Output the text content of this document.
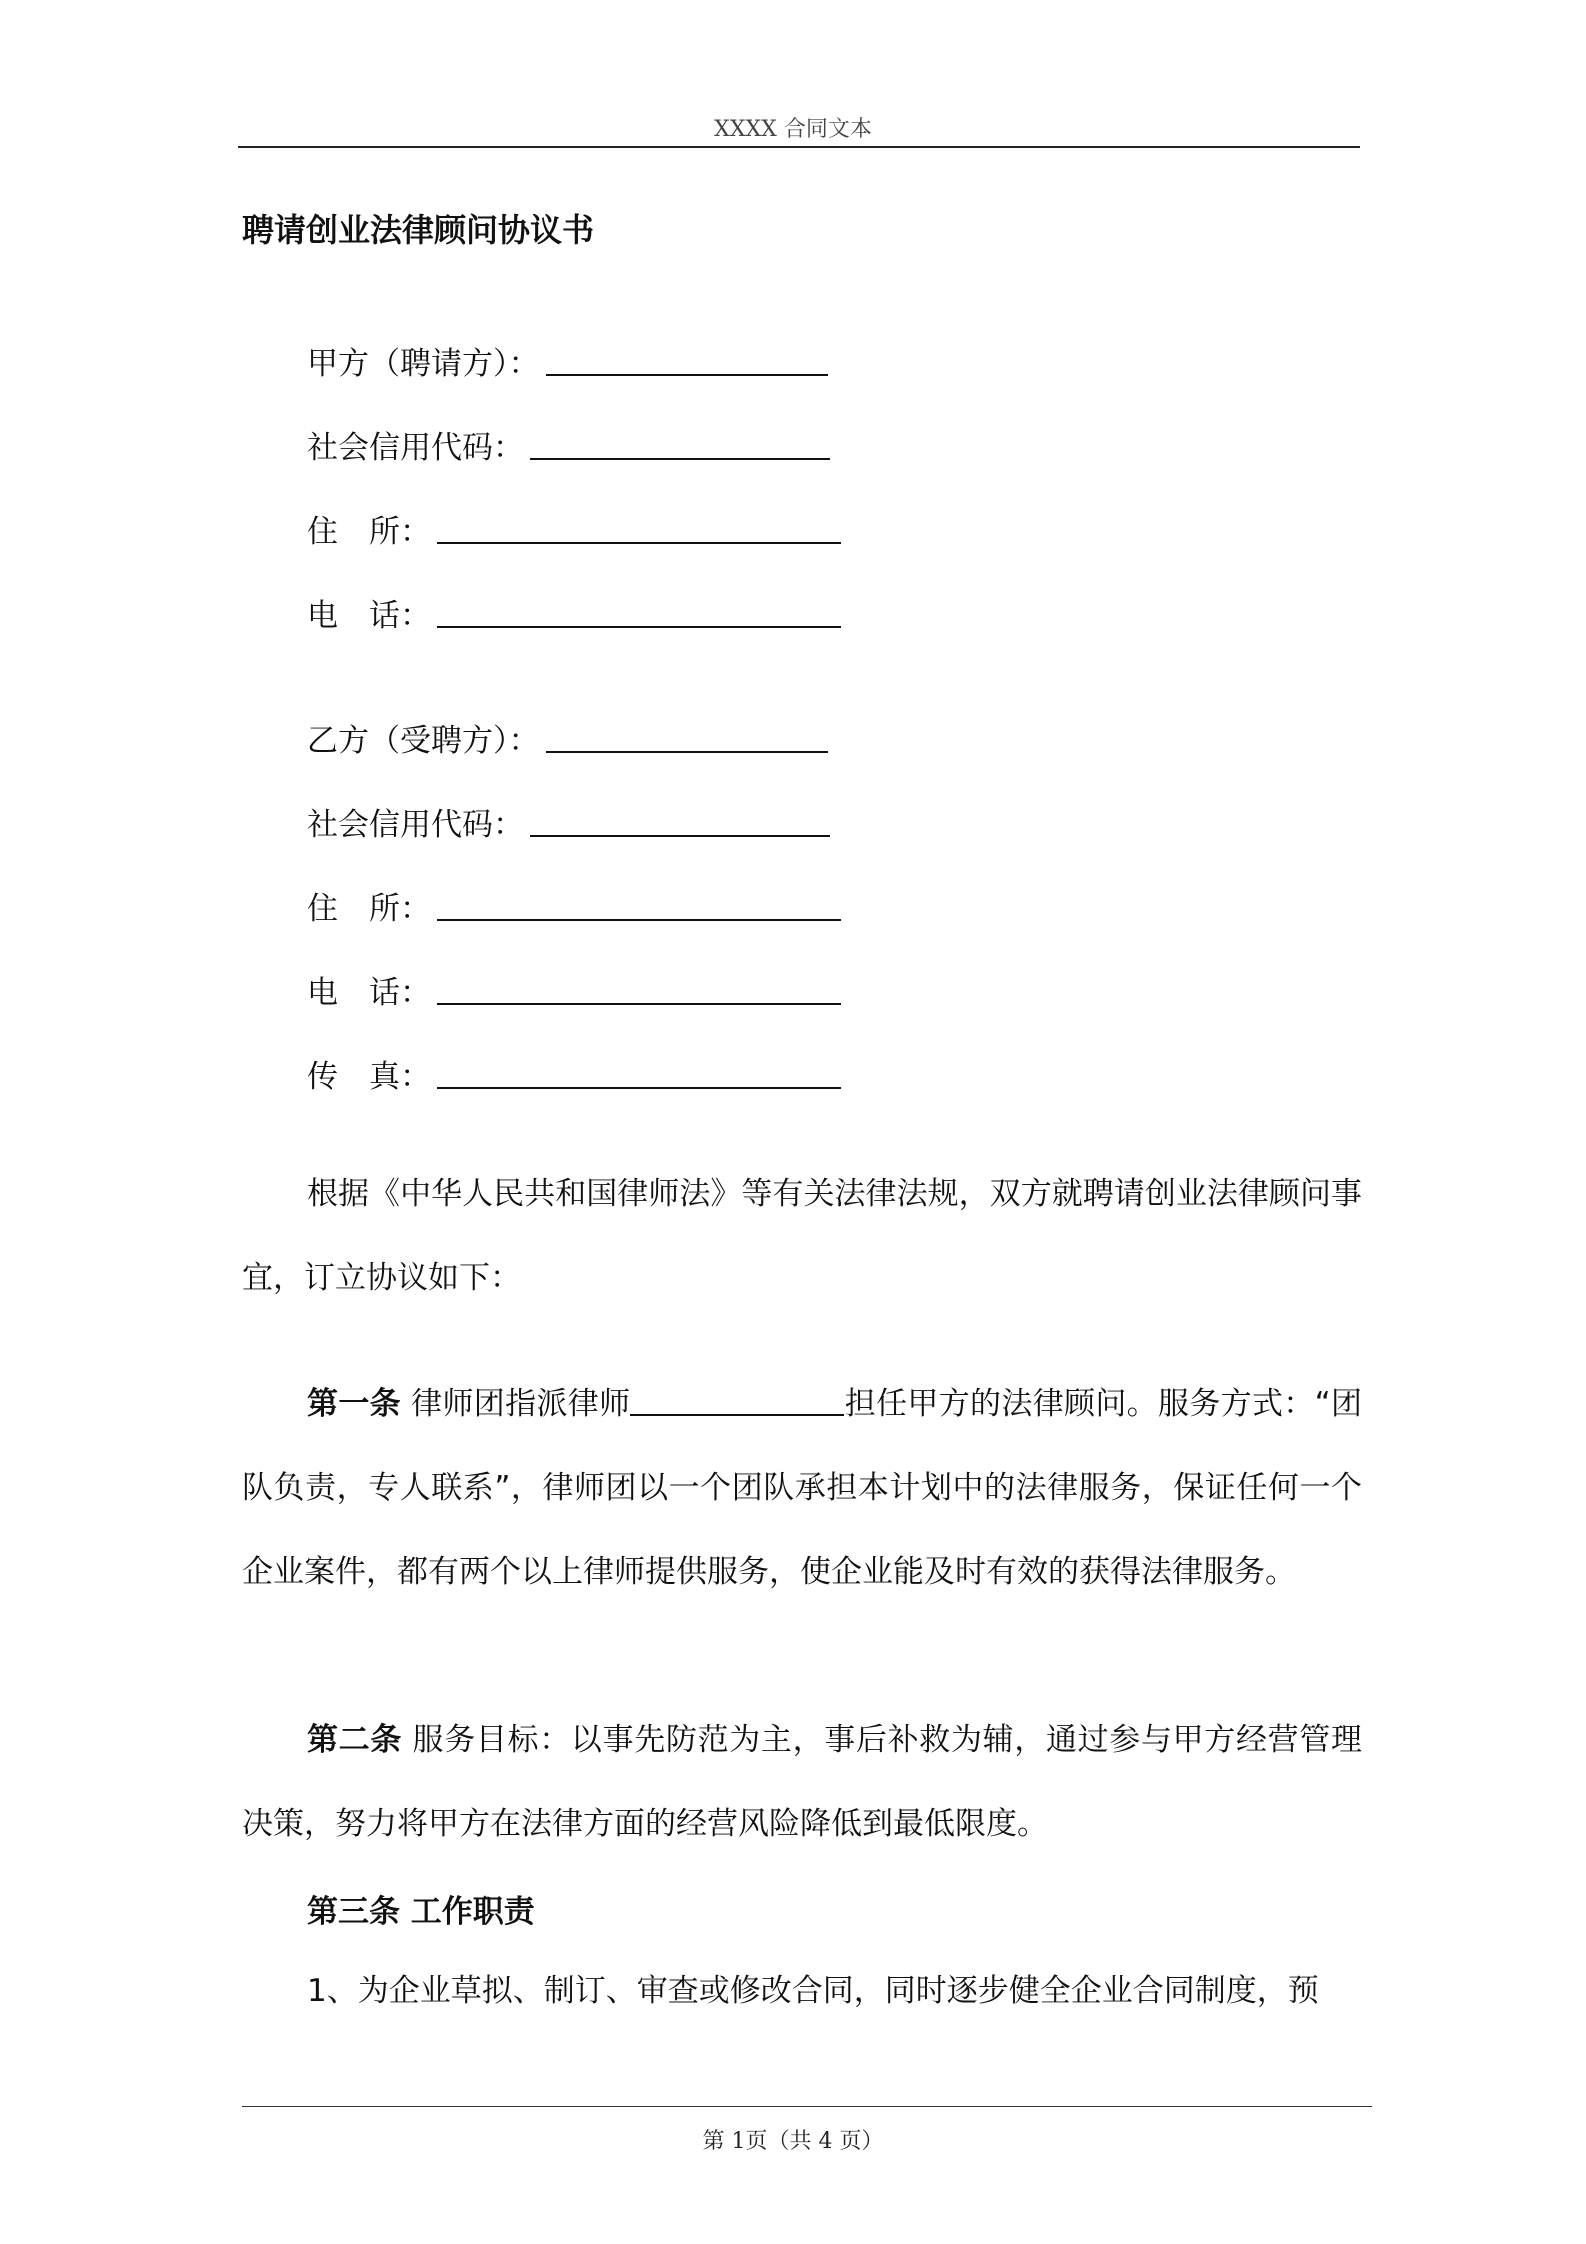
XXXX 合同文本
聘请创业法律顾问协议书
甲方（聘请方）：
社会信用代码：
住　所：
电　话：
乙方（受聘方）：
社会信用代码：
住　所：
电　话：
传　真：
根据《中华人民共和国律师法》等有关法律法规，双方就聘请创业法律顾问事宜，订立协议如下：
第一条 律师团指派律师	担任甲方的法律顾问。服务方式：“团队负责，专人联系”，律师团以一个团队承担本计划中的法律服务，保证任何一个企业案件，都有两个以上律师提供服务，使企业能及时有效的获得法律服务。
第二条 服务目标：以事先防范为主，事后补救为辅，通过参与甲方经营管理决策，努力将甲方在法律方面的经营风险降低到最低限度。
第三条 工作职责
1、为企业草拟、制订、审查或修改合同，同时逐步健全企业合同制度，预
第 1页（共 4 页）
